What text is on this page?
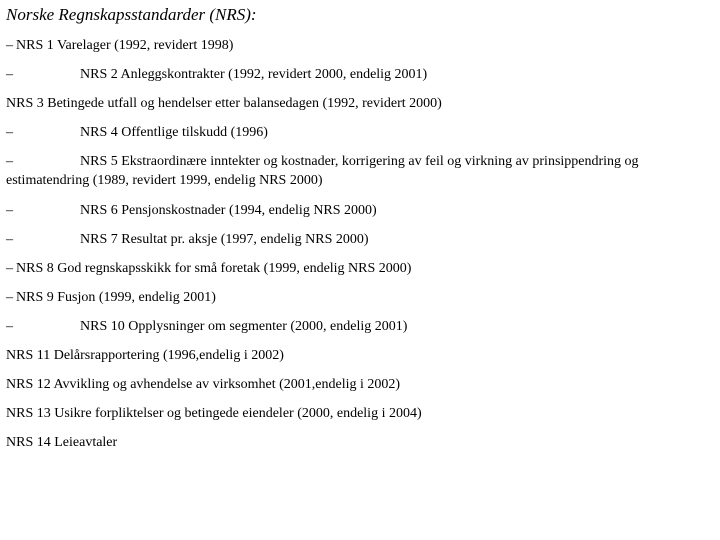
Norske Regnskapsstandarder (NRS):
– NRS 1 Varelager (1992, revidert 1998)
–	NRS 2 Anleggskontrakter (1992, revidert 2000, endelig 2001)
NRS 3 Betingede utfall og hendelser etter balansedagen (1992, revidert 2000)
–	NRS 4 Offentlige tilskudd (1996)
–	NRS 5 Ekstraordinære inntekter og kostnader, korrigering av feil og virkning av prinsippendring og estimatendring (1989, revidert 1999, endelig NRS 2000)
–	NRS 6 Pensjonskostnader (1994, endelig NRS 2000)
–	NRS 7 Resultat pr. aksje (1997, endelig NRS 2000)
– NRS 8 God regnskapsskikk for små foretak (1999, endelig NRS 2000)
– NRS 9 Fusjon (1999, endelig 2001)
–	NRS 10 Opplysninger om segmenter (2000, endelig 2001)
NRS 11 Delårsrapportering (1996,endelig i 2002)
NRS 12 Avvikling og avhendelse av virksomhet (2001,endelig i 2002)
NRS 13 Usikre forpliktelser og betingede eiendeler (2000, endelig i 2004)
NRS 14 Leieavtaler
